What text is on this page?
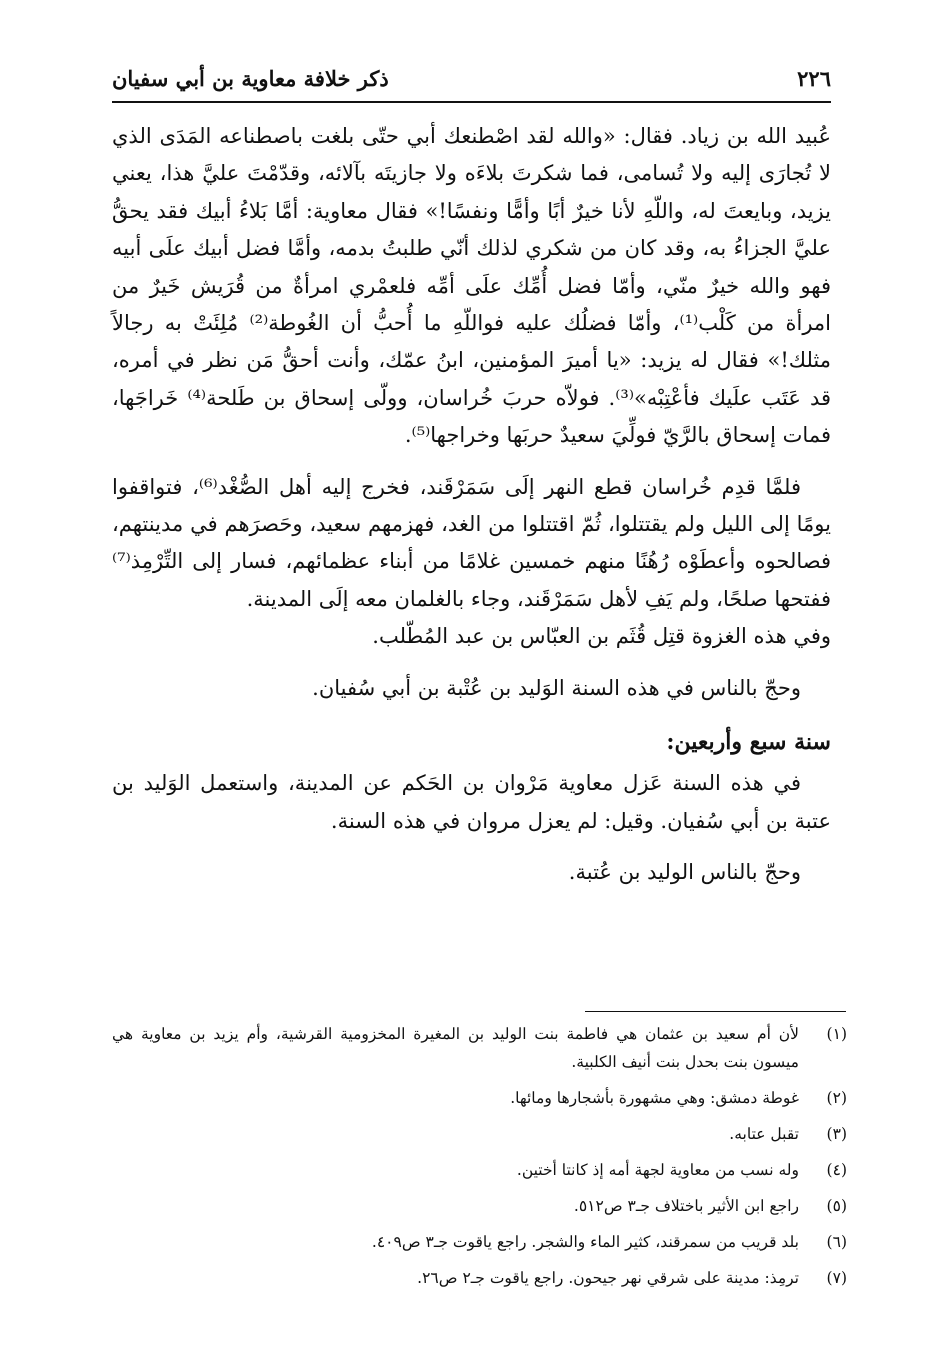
٢٢٦
ذكر خلافة معاوية بن أبي سفيان

عُبيد الله بن زياد. فقال: «والله لقد اصْطنعك أبي حتّى بلغت باصطناعه المَدَى الذي لا تُجارَى إليه ولا تُسامى، فما شكرتَ بلاءَه ولا جازيتَه بآلائه، وقدّمْتَ عليَّ هذا، يعني يزيد، وبايعتَ له، واللّهِ لأنا خيرٌ أبًا وأمًّا ونفسًا!» فقال معاوية: أمَّا بَلاءُ أبيك فقد يحقُّ عليَّ الجزاءُ به، وقد كان من شكري لذلك أنّي طلبتُ بدمه، وأمَّا فضل أبيك علَى أبيه فهو والله خيرٌ منّي، وأمّا فضل أُمِّك علَى أمِّه فلعمْري امرأةٌ من قُرَيش خَيرٌ من امرأة من كَلْب⁽¹⁾، وأمّا فضلُك عليه فواللّهِ ما أُحبُّ أن الغُوطة⁽²⁾ مُلِئَتْ به رجالاً مثلك!» فقال له يزيد: «يا أميرَ المؤمنين، ابنُ عمّك، وأنت أحقُّ مَن نظر في أمره، قد عَتَب علَيك فأعْتِبْه»⁽³⁾. فولاّه حربَ خُراسان، وولّى إسحاق بن طَلحة⁽⁴⁾ خَراجَها، فمات إسحاق بالرَّيّ فولِّيَ سعيدٌ حربَها وخراجها⁽⁵⁾.

فلمَّا قدِم خُراسان قطع النهر إلَى سَمَرْقَند، فخرج إليه أهل الصُّغْد⁽⁶⁾، فتواقفوا يومًا إلى الليل ولم يقتتلوا، ثُمّ اقتتلوا من الغد، فهزمهم سعيد، وحَصرَهم في مدينتهم، فصالحوه وأعطَوْه رُهُنًا منهم خمسين غلامًا من أبناء عظمائهم، فسار إلى التِّرْمِذ⁽⁷⁾ ففتحها صلحًا، ولم يَفِ لأهل سَمَرْقَند، وجاء بالغلمان معه إلَى المدينة.

وفي هذه الغزوة قتِل قُثَم بن العبّاس بن عبد المُطّلب.

وحجّ بالناس في هذه السنة الوَليد بن عُتْبة بن أبي سُفيان.

سنة سبع وأربعين:

في هذه السنة عَزل معاوية مَرْوان بن الحَكم عن المدينة، واستعمل الوَليد بن عتبة بن أبي سُفيان. وقيل: لم يعزل مروان في هذه السنة.

وحجّ بالناس الوليد بن عُتبة.

(١)
لأن أم سعيد بن عثمان هي فاطمة بنت الوليد بن المغيرة المخزومية القرشية، وأم يزيد بن معاوية هي ميسون بنت بحدل بنت أنيف الكلبية.
(٢)
غوطة دمشق: وهي مشهورة بأشجارها ومائها.
(٣)
تقبل عتابه.
(٤)
وله نسب من معاوية لجهة أمه إذ كانتا أختين.
(٥)
راجع ابن الأثير باختلاف جـ٣ ص٥١٢.
(٦)
بلد قريب من سمرقند، كثير الماء والشجر. راجع ياقوت جـ٣ ص٤٠٩.
(٧)
ترمِذ: مدينة على شرقي نهر جيحون. راجع ياقوت جـ٢ ص٢٦.
